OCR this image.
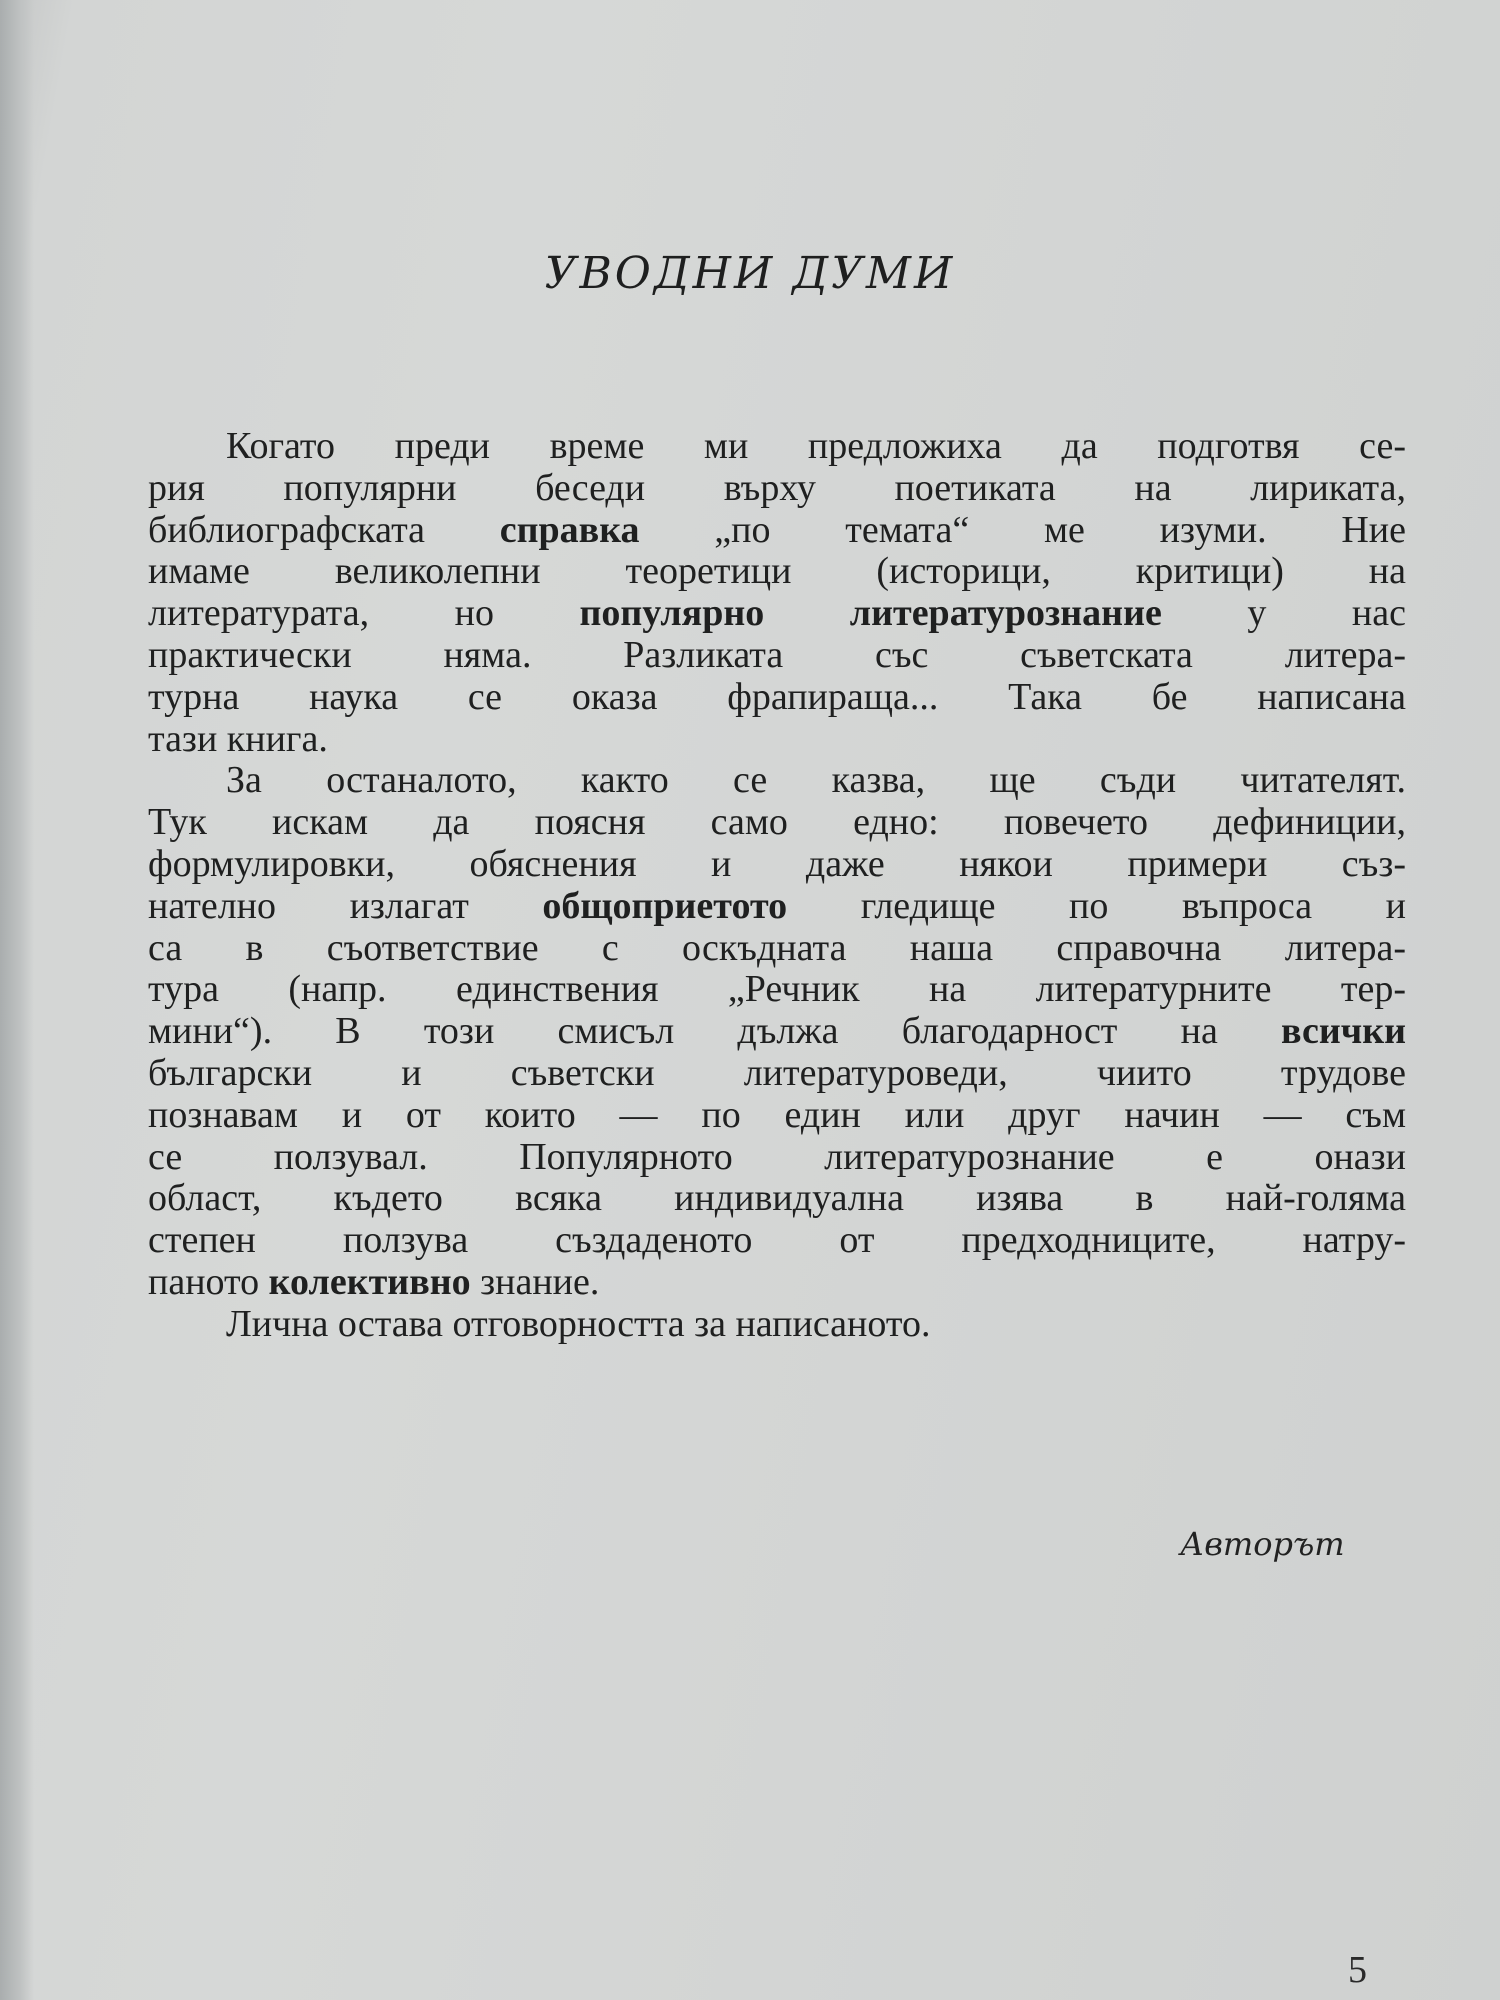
УВОДНИ ДУМИ
Когато преди време ми предложиха да подготвя се-
рия популярни беседи върху поетиката на лириката,
библиографската справка „по темата“ ме изуми. Ние
имаме великолепни теоретици (историци, критици) на
литературата, но популярно литературознание у нас
практически няма. Разликата със съветската литера-
турна наука се оказа фрапираща... Така бе написана
тази книга.
За останалото, както се казва, ще съди читателят.
Тук искам да поясня само едно: повечето дефиниции,
формулировки, обяснения и даже някои примери съз-
нателно излагат общоприетото гледище по въпроса и
са в съответствие с оскъдната наша справочна литера-
тура (напр. единствения „Речник на литературните тер-
мини“). В този смисъл дължа благодарност на всички
български и съветски литературоведи, чиито трудове
познавам и от които — по един или друг начин — съм
се ползувал. Популярното литературознание е онази
област, където всяка индивидуална изява в най-голяма
степен ползува създаденото от предходниците, натру-
паното колективно знание.
Лична остава отговорността за написаното.
Авторът
5
